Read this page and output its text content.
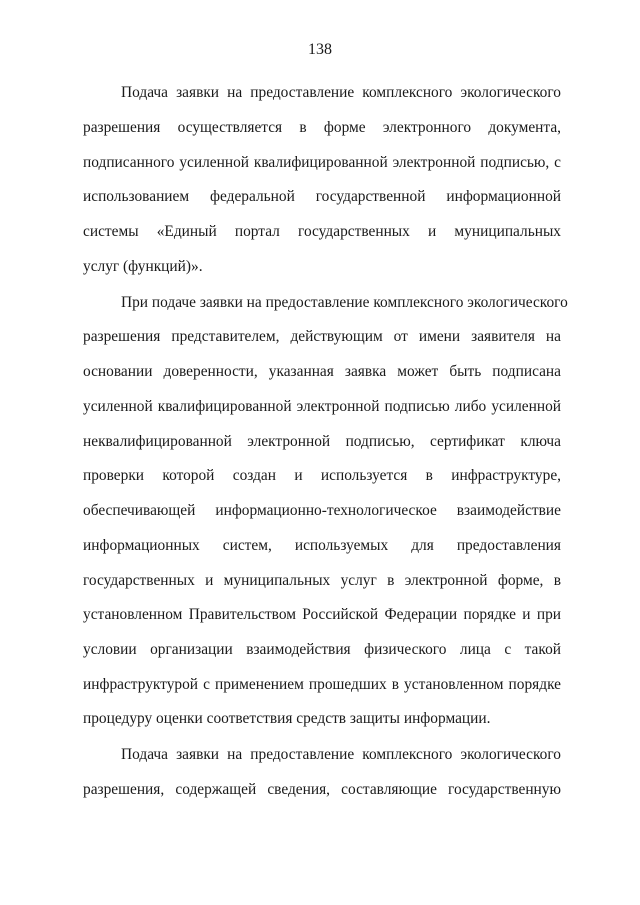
138
Подача заявки на предоставление комплексного экологического
разрешения осуществляется в форме электронного документа,
подписанного усиленной квалифицированной электронной подписью, с
использованием федеральной государственной информационной
системы «Единый портал государственных и муниципальных
услуг (функций)».
При подаче заявки на предоставление комплексного экологического
разрешения представителем, действующим от имени заявителя на
основании доверенности, указанная заявка может быть подписана
усиленной квалифицированной электронной подписью либо усиленной
неквалифицированной электронной подписью, сертификат ключа
проверки которой создан и используется в инфраструктуре,
обеспечивающей информационно-технологическое взаимодействие
информационных систем, используемых для предоставления
государственных и муниципальных услуг в электронной форме, в
установленном Правительством Российской Федерации порядке и при
условии организации взаимодействия физического лица с такой
инфраструктурой с применением прошедших в установленном порядке
процедуру оценки соответствия средств защиты информации.
Подача заявки на предоставление комплексного экологического
разрешения, содержащей сведения, составляющие государственную
